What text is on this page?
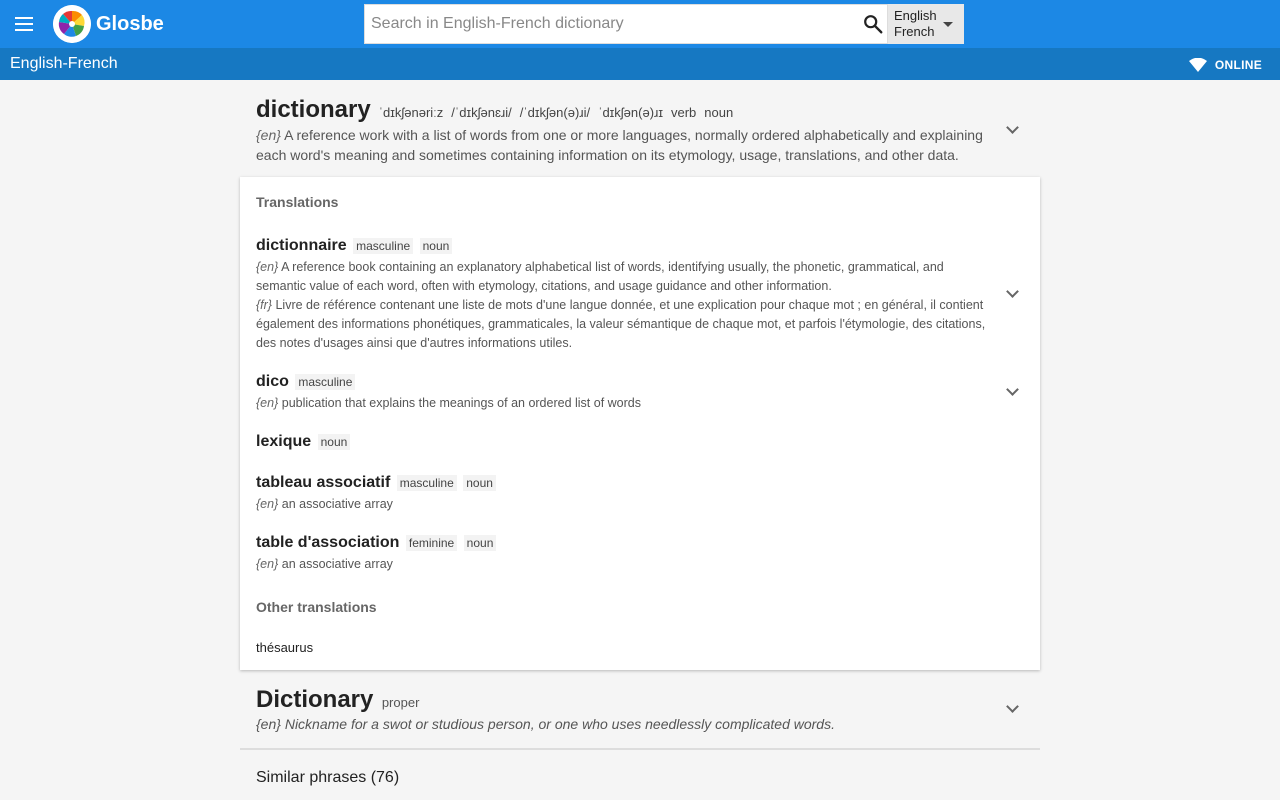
Glosbe
Search in English-French dictionary	English
French
English-French	ONLINE
dictionary ˈdɪkʃənəriːz /ˈdɪkʃənɛɹi/ /ˈdɪkʃən(ə)ɹi/ ˈdɪkʃən(ə)ɹɪ verb noun
{en} A reference work with a list of words from one or more languages, normally ordered alphabetically and explaining each word's meaning and sometimes containing information on its etymology, usage, translations, and other data.
Translations
dictionnaire masculine noun
{en} A reference book containing an explanatory alphabetical list of words, identifying usually, the phonetic, grammatical, and semantic value of each word, often with etymology, citations, and usage guidance and other information.
{fr} Livre de référence contenant une liste de mots d'une langue donnée, et une explication pour chaque mot ; en général, il contient également des informations phonétiques, grammaticales, la valeur sémantique de chaque mot, et parfois l'étymologie, des citations, des notes d'usages ainsi que d'autres informations utiles.
dico masculine
{en} publication that explains the meanings of an ordered list of words
lexique noun
tableau associatif masculine noun
{en} an associative array
table d'association feminine noun
{en} an associative array
Other translations
thésaurus
Dictionary proper
{en} Nickname for a swot or studious person, or one who uses needlessly complicated words.
Similar phrases (76)
